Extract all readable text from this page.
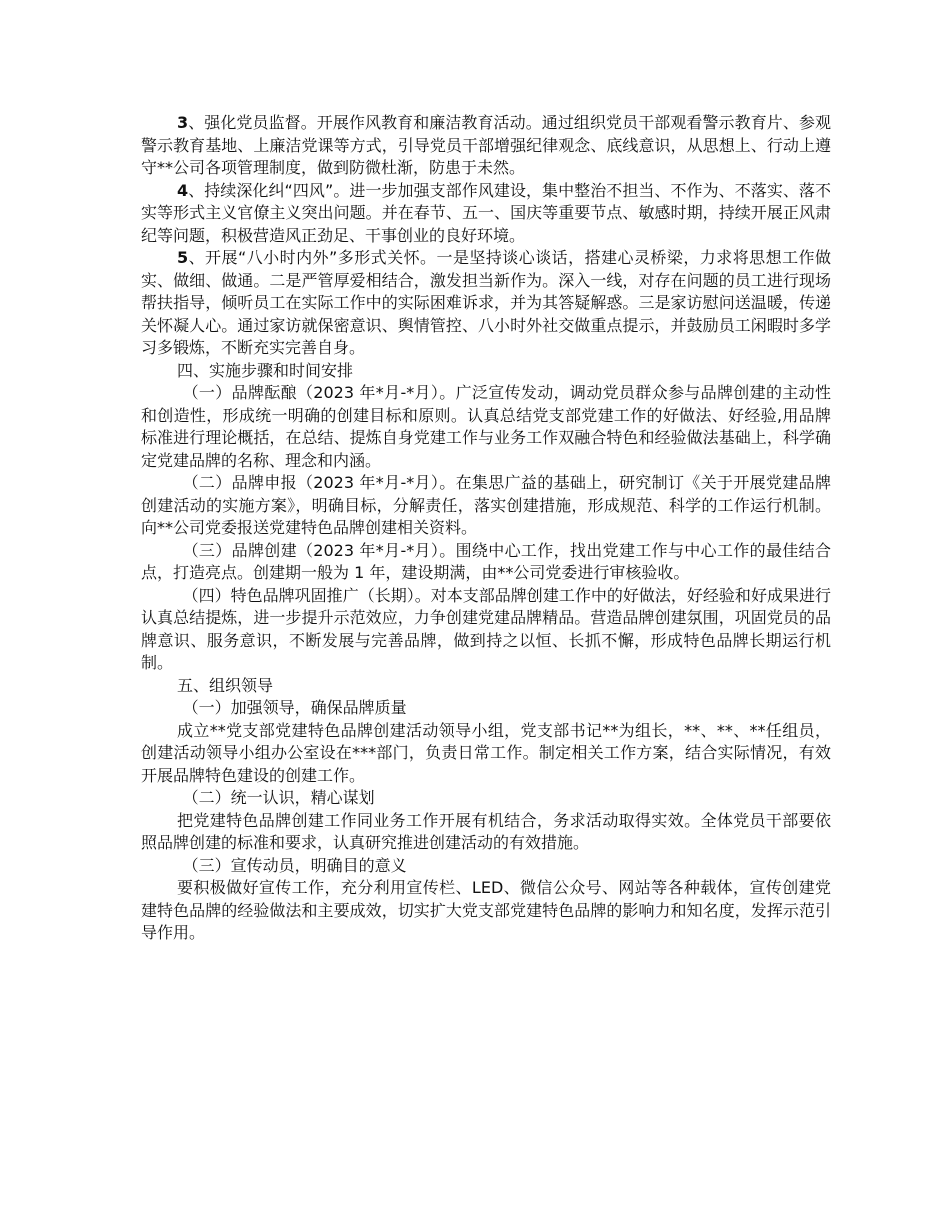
3、强化党员监督。开展作风教育和廉洁教育活动。通过组织党员干部观看警示教育片、参观警示教育基地、上廉洁党课等方式，引导党员干部增强纪律观念、底线意识，从思想上、行动上遵守**公司各项管理制度，做到防微杜渐，防患于未然。

4、持续深化纠“四风”。进一步加强支部作风建设，集中整治不担当、不作为、不落实、落不实等形式主义官僚主义突出问题。并在春节、五一、国庆等重要节点、敏感时期，持续开展正风肃纪等问题，积极营造风正劲足、干事创业的良好环境。

5、开展“八小时内外”多形式关怀。一是坚持谈心谈话，搭建心灵桥梁，力求将思想工作做实、做细、做通。二是严管厚爱相结合，激发担当新作为。深入一线，对存在问题的员工进行现场帮扶指导，倾听员工在实际工作中的实际困难诉求，并为其答疑解惑。三是家访慰问送温暖，传递关怀凝人心。通过家访就保密意识、舆情管控、八小时外社交做重点提示，并鼓励员工闲暇时多学习多锻炼，不断充实完善自身。

四、实施步骤和时间安排

（一）品牌酝酿（2023 年*月-*月）。广泛宣传发动，调动党员群众参与品牌创建的主动性和创造性，形成统一明确的创建目标和原则。认真总结党支部党建工作的好做法、好经验,用品牌标准进行理论概括，在总结、提炼自身党建工作与业务工作双融合特色和经验做法基础上，科学确定党建品牌的名称、理念和内涵。

（二）品牌申报（2023 年*月-*月）。在集思广益的基础上，研究制订《关于开展党建品牌创建活动的实施方案》，明确目标，分解责任，落实创建措施，形成规范、科学的工作运行机制。向**公司党委报送党建特色品牌创建相关资料。

（三）品牌创建（2023 年*月-*月）。围绕中心工作，找出党建工作与中心工作的最佳结合点，打造亮点。创建期一般为 1 年，建设期满，由**公司党委进行审核验收。

（四）特色品牌巩固推广（长期）。对本支部品牌创建工作中的好做法，好经验和好成果进行认真总结提炼，进一步提升示范效应，力争创建党建品牌精品。营造品牌创建氛围，巩固党员的品牌意识、服务意识，不断发展与完善品牌，做到持之以恒、长抓不懈，形成特色品牌长期运行机制。

五、组织领导

（一）加强领导，确保品牌质量

成立**党支部党建特色品牌创建活动领导小组，党支部书记**为组长，**、**、**任组员，创建活动领导小组办公室设在***部门，负责日常工作。制定相关工作方案，结合实际情况，有效开展品牌特色建设的创建工作。

（二）统一认识，精心谋划

把党建特色品牌创建工作同业务工作开展有机结合，务求活动取得实效。全体党员干部要依照品牌创建的标准和要求，认真研究推进创建活动的有效措施。

（三）宣传动员，明确目的意义

要积极做好宣传工作，充分利用宣传栏、LED、微信公众号、网站等各种载体，宣传创建党建特色品牌的经验做法和主要成效，切实扩大党支部党建特色品牌的影响力和知名度，发挥示范引导作用。
